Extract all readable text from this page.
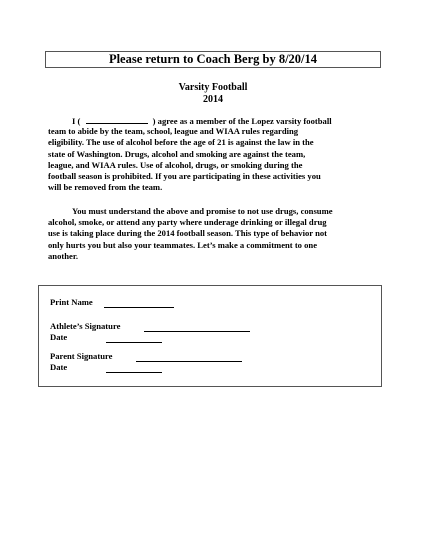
Please return to Coach Berg by 8/20/14
Varsity Football
2014
I (	) agree as a member of the Lopez varsity football
team to abide by the team, school, league and WIAA rules regarding
eligibility. The use of alcohol before the age of 21 is against the law in the
state of Washington. Drugs, alcohol and smoking are against the team,
league, and WIAA rules. Use of alcohol, drugs, or smoking during the
football season is prohibited. If you are participating in these activities you
will be removed from the team.
You must understand the above and promise to not use drugs, consume
alcohol, smoke, or attend any party where underage drinking or illegal drug
use is taking place during the 2014 football season. This type of behavior not
only hurts you but also your teammates. Let’s make a commitment to one
another.
Print Name
Athlete’s Signature
Date
Parent Signature
Date
